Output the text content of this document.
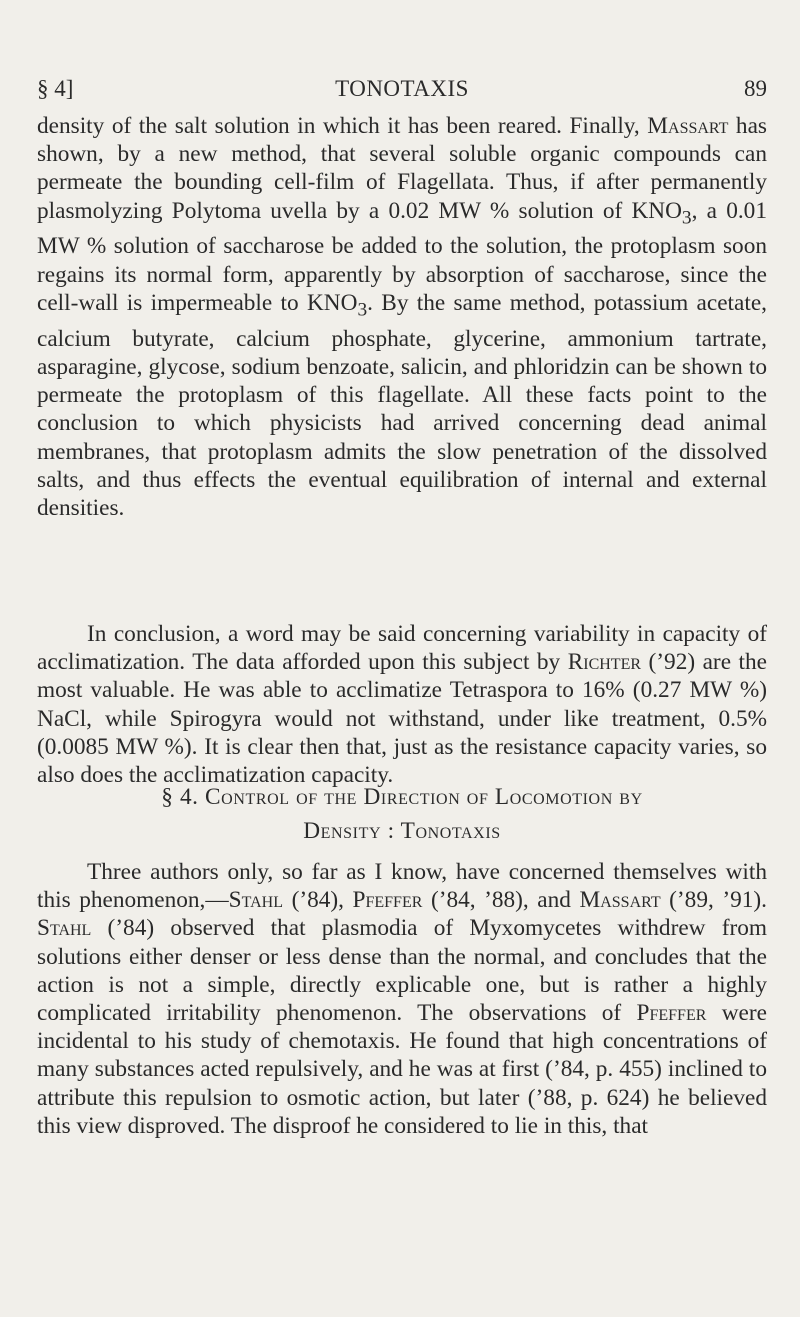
§ 4]	TONOTAXIS	89

density of the salt solution in which it has been reared. Finally, Massart has shown, by a new method, that several soluble organic compounds can permeate the bounding cell-film of Flagellata. Thus, if after permanently plasmolyzing Polytoma uvella by a 0.02 MW % solution of $KNO_3$, a 0.01 MW % solution of saccharose be added to the solution, the protoplasm soon regains its normal form, apparently by absorption of saccharose, since the cell-wall is impermeable to $KNO_3$. By the same method, potassium acetate, calcium butyrate, calcium phosphate, glycerine, ammonium tartrate, asparagine, glycose, sodium benzoate, salicin, and phloridzin can be shown to permeate the protoplasm of this flagellate. All these facts point to the conclusion to which physicists had arrived concerning dead animal membranes, that protoplasm admits the slow penetration of the dissolved salts, and thus effects the eventual equilibration of internal and external densities.

In conclusion, a word may be said concerning variability in capacity of acclimatization. The data afforded upon this subject by Richter (’92) are the most valuable. He was able to acclimatize Tetraspora to 16% (0.27 MW %) NaCl, while Spirogyra would not withstand, under like treatment, 0.5% (0.0085 MW %). It is clear then that, just as the resistance capacity varies, so also does the acclimatization capacity.

§ 4. Control of the Direction of Locomotion by
Density : Tonotaxis

Three authors only, so far as I know, have concerned themselves with this phenomenon,—Stahl (’84), Pfeffer (’84, ’88), and Massart (’89, ’91). Stahl (’84) observed that plasmodia of Myxomycetes withdrew from solutions either denser or less dense than the normal, and concludes that the action is not a simple, directly explicable one, but is rather a highly complicated irritability phenomenon. The observations of Pfeffer were incidental to his study of chemotaxis. He found that high concentrations of many substances acted repulsively, and he was at first (’84, p. 455) inclined to attribute this repulsion to osmotic action, but later (’88, p. 624) he believed this view disproved. The disproof he considered to lie in this, that
